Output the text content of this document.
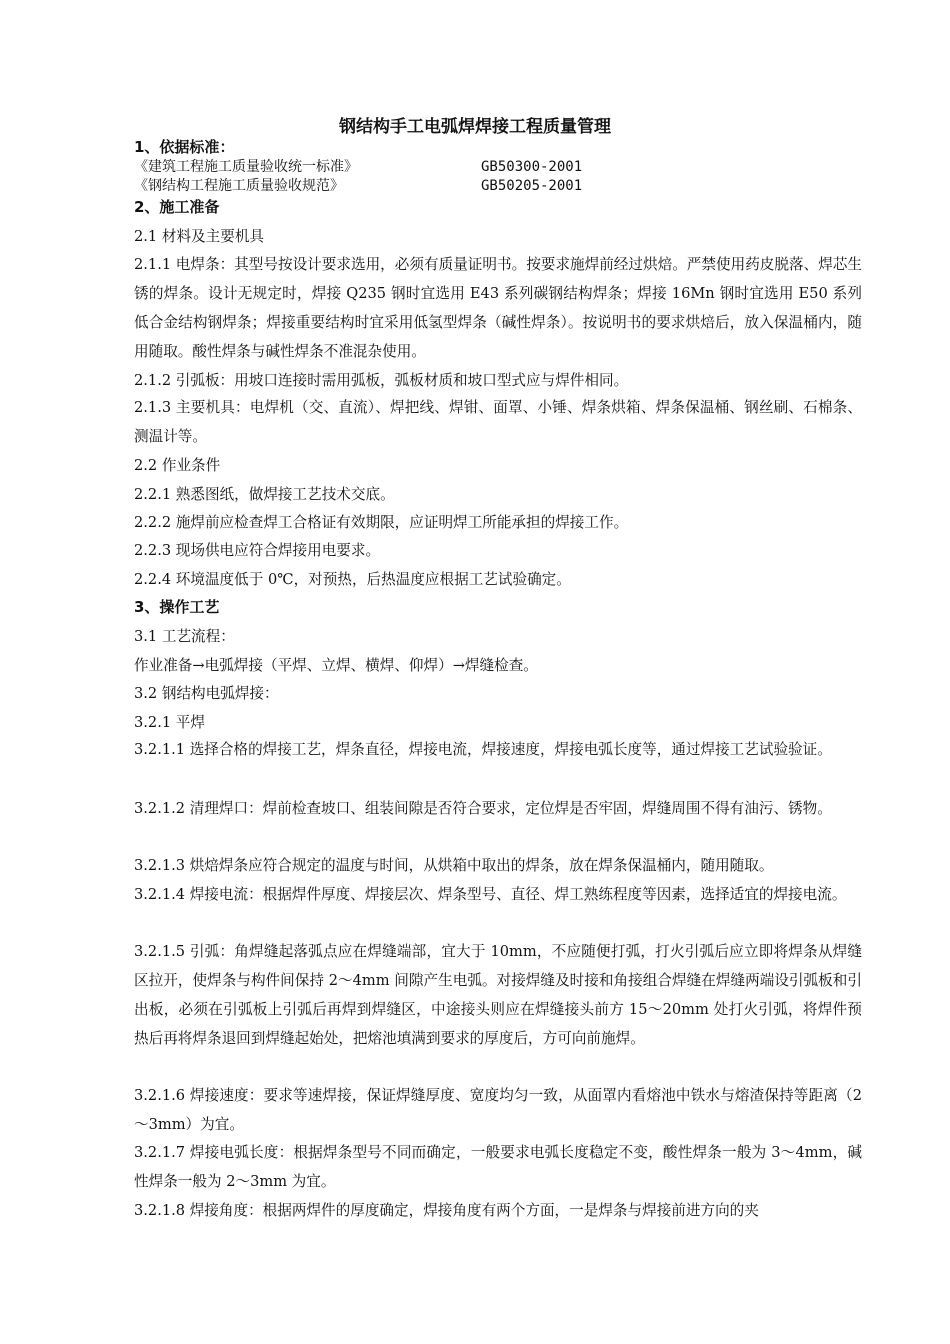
钢结构手工电弧焊焊接工程质量管理
1、依据标准：
《建筑工程施工质量验收统一标准》	GB50300-2001
《钢结构工程施工质量验收规范》	GB50205-2001
2、施工准备
2.1 材料及主要机具
2.1.1 电焊条：其型号按设计要求选用，必须有质量证明书。按要求施焊前经过烘焙。严禁使用药皮脱落、焊芯生锈的焊条。设计无规定时，焊接 Q235 钢时宜选用 E43 系列碳钢结构焊条；焊接 16Mn 钢时宜选用 E50 系列低合金结构钢焊条；焊接重要结构时宜采用低氢型焊条（碱性焊条）。按说明书的要求烘焙后，放入保温桶内，随用随取。酸性焊条与碱性焊条不准混杂使用。
2.1.2 引弧板：用坡口连接时需用弧板，弧板材质和坡口型式应与焊件相同。
2.1.3 主要机具：电焊机（交、直流）、焊把线、焊钳、面罩、小锤、焊条烘箱、焊条保温桶、钢丝刷、石棉条、测温计等。
2.2 作业条件
2.2.1 熟悉图纸，做焊接工艺技术交底。
2.2.2 施焊前应检查焊工合格证有效期限，应证明焊工所能承担的焊接工作。
2.2.3 现场供电应符合焊接用电要求。
2.2.4 环境温度低于 0℃，对预热，后热温度应根据工艺试验确定。
3、操作工艺
3.1 工艺流程：
作业准备→电弧焊接（平焊、立焊、横焊、仰焊）→焊缝检查。
3.2 钢结构电弧焊接：
3.2.1 平焊
3.2.1.1 选择合格的焊接工艺，焊条直径，焊接电流，焊接速度，焊接电弧长度等，通过焊接工艺试验验证。
3.2.1.2 清理焊口：焊前检查坡口、组装间隙是否符合要求，定位焊是否牢固，焊缝周围不得有油污、锈物。
3.2.1.3 烘焙焊条应符合规定的温度与时间，从烘箱中取出的焊条，放在焊条保温桶内，随用随取。
3.2.1.4 焊接电流：根据焊件厚度、焊接层次、焊条型号、直径、焊工熟练程度等因素，选择适宜的焊接电流。
3.2.1.5 引弧：角焊缝起落弧点应在焊缝端部，宜大于 10mm，不应随便打弧，打火引弧后应立即将焊条从焊缝区拉开，使焊条与构件间保持 2～4mm 间隙产生电弧。对接焊缝及时接和角接组合焊缝在焊缝两端设引弧板和引出板，必须在引弧板上引弧后再焊到焊缝区，中途接头则应在焊缝接头前方 15～20mm 处打火引弧，将焊件预热后再将焊条退回到焊缝起始处，把熔池填满到要求的厚度后，方可向前施焊。
3.2.1.6 焊接速度：要求等速焊接，保证焊缝厚度、宽度均匀一致，从面罩内看熔池中铁水与熔渣保持等距离（2～3mm）为宜。
3.2.1.7 焊接电弧长度：根据焊条型号不同而确定，一般要求电弧长度稳定不变，酸性焊条一般为 3～4mm，碱性焊条一般为 2～3mm 为宜。
3.2.1.8 焊接角度：根据两焊件的厚度确定，焊接角度有两个方面，一是焊条与焊接前进方向的夹
